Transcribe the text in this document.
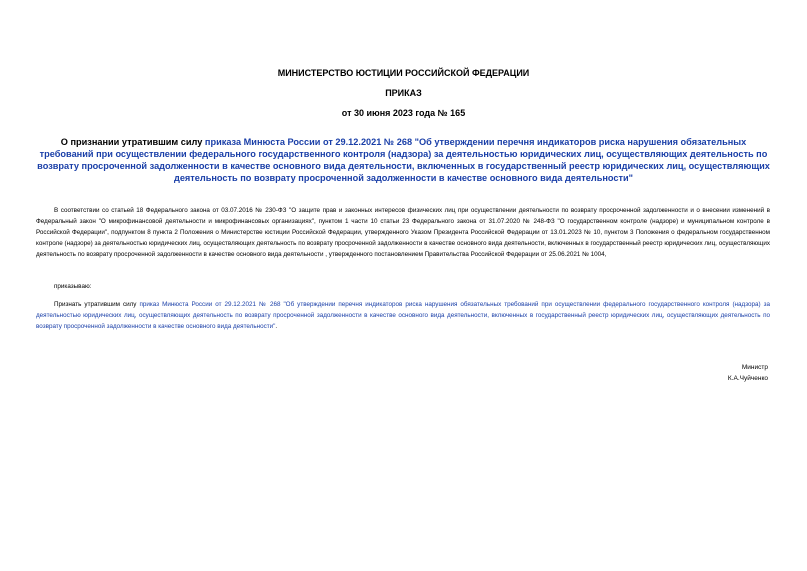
МИНИСТЕРСТВО ЮСТИЦИИ РОССИЙСКОЙ ФЕДЕРАЦИИ
ПРИКАЗ
от 30 июня 2023 года № 165
О признании утратившим силу приказа Минюста России от 29.12.2021 № 268 "Об утверждении перечня индикаторов риска нарушения обязательных требований при осуществлении федерального государственного контроля (надзора) за деятельностью юридических лиц, осуществляющих деятельность по возврату просроченной задолженности в качестве основного вида деятельности, включенных в государственный реестр юридических лиц, осуществляющих деятельность по возврату просроченной задолженности в качестве основного вида деятельности"
В соответствии со статьей 18 Федерального закона от 03.07.2016 № 230-ФЗ "О защите прав и законных интересов физических лиц при осуществлении деятельности по возврату просроченной задолженности и о внесении изменений в Федеральный закон "О микрофинансовой деятельности и микрофинансовых организациях", пунктом 1 части 10 статьи 23 Федерального закона от 31.07.2020 № 248-ФЗ "О государственном контроле (надзоре) и муниципальном контроле в Российской Федерации", подпунктом 8 пункта 2 Положения о Министерстве юстиции Российской Федерации, утвержденного Указом Президента Российской Федерации от 13.01.2023 № 10, пунктом 3 Положения о федеральном государственном контроле (надзоре) за деятельностью юридических лиц, осуществляющих деятельность по возврату просроченной задолженности в качестве основного вида деятельности, включенных в государственный реестр юридических лиц, осуществляющих деятельность по возврату просроченной задолженности в качестве основного вида деятельности , утвержденного постановлением Правительства Российской Федерации от 25.06.2021 № 1004,
приказываю:
Признать утратившим силу приказ Минюста России от 29.12.2021 № 268 "Об утверждении перечня индикаторов риска нарушения обязательных требований при осуществлении федерального государственного контроля (надзора) за деятельностью юридических лиц, осуществляющих деятельность по возврату просроченной задолженности в качестве основного вида деятельности, включенных в государственный реестр юридических лиц, осуществляющих деятельность по возврату просроченной задолженности в качестве основного вида деятельности".
Министр
К.А.Чуйченко
